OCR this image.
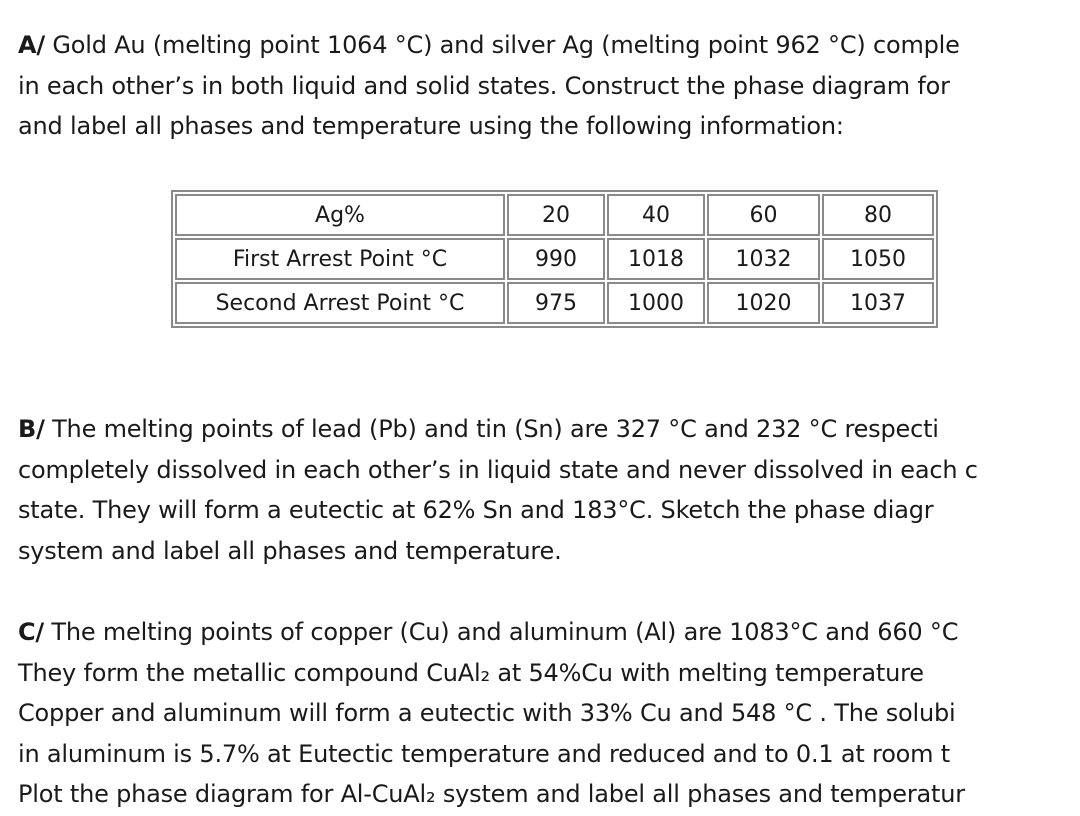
A/ Gold Au (melting point 1064 °C) and silver Ag (melting point 962 °C) comple
in each other’s in both liquid and solid states. Construct the phase diagram for
and label all phases and temperature using the following information:
Ag%	20	40	60	80
First Arrest Point °C	990	1018	1032	1050
Second Arrest Point °C	975	1000	1020	1037
B/ The melting points of lead (Pb) and tin (Sn) are 327 °C and 232 °C respecti
completely dissolved in each other’s in liquid state and never dissolved in each c
state. They will form a eutectic at 62% Sn and 183°C. Sketch the phase diagr
system and label all phases and temperature.
C/ The melting points of copper (Cu) and aluminum (Al) are 1083°C and 660 °C
They form the metallic compound CuAl₂ at 54%Cu with melting temperature
Copper and aluminum will form a eutectic with 33% Cu and 548 °C . The solubi
in aluminum is 5.7% at Eutectic temperature and reduced and to 0.1 at room t
Plot the phase diagram for Al-CuAl₂ system and label all phases and temperatur
